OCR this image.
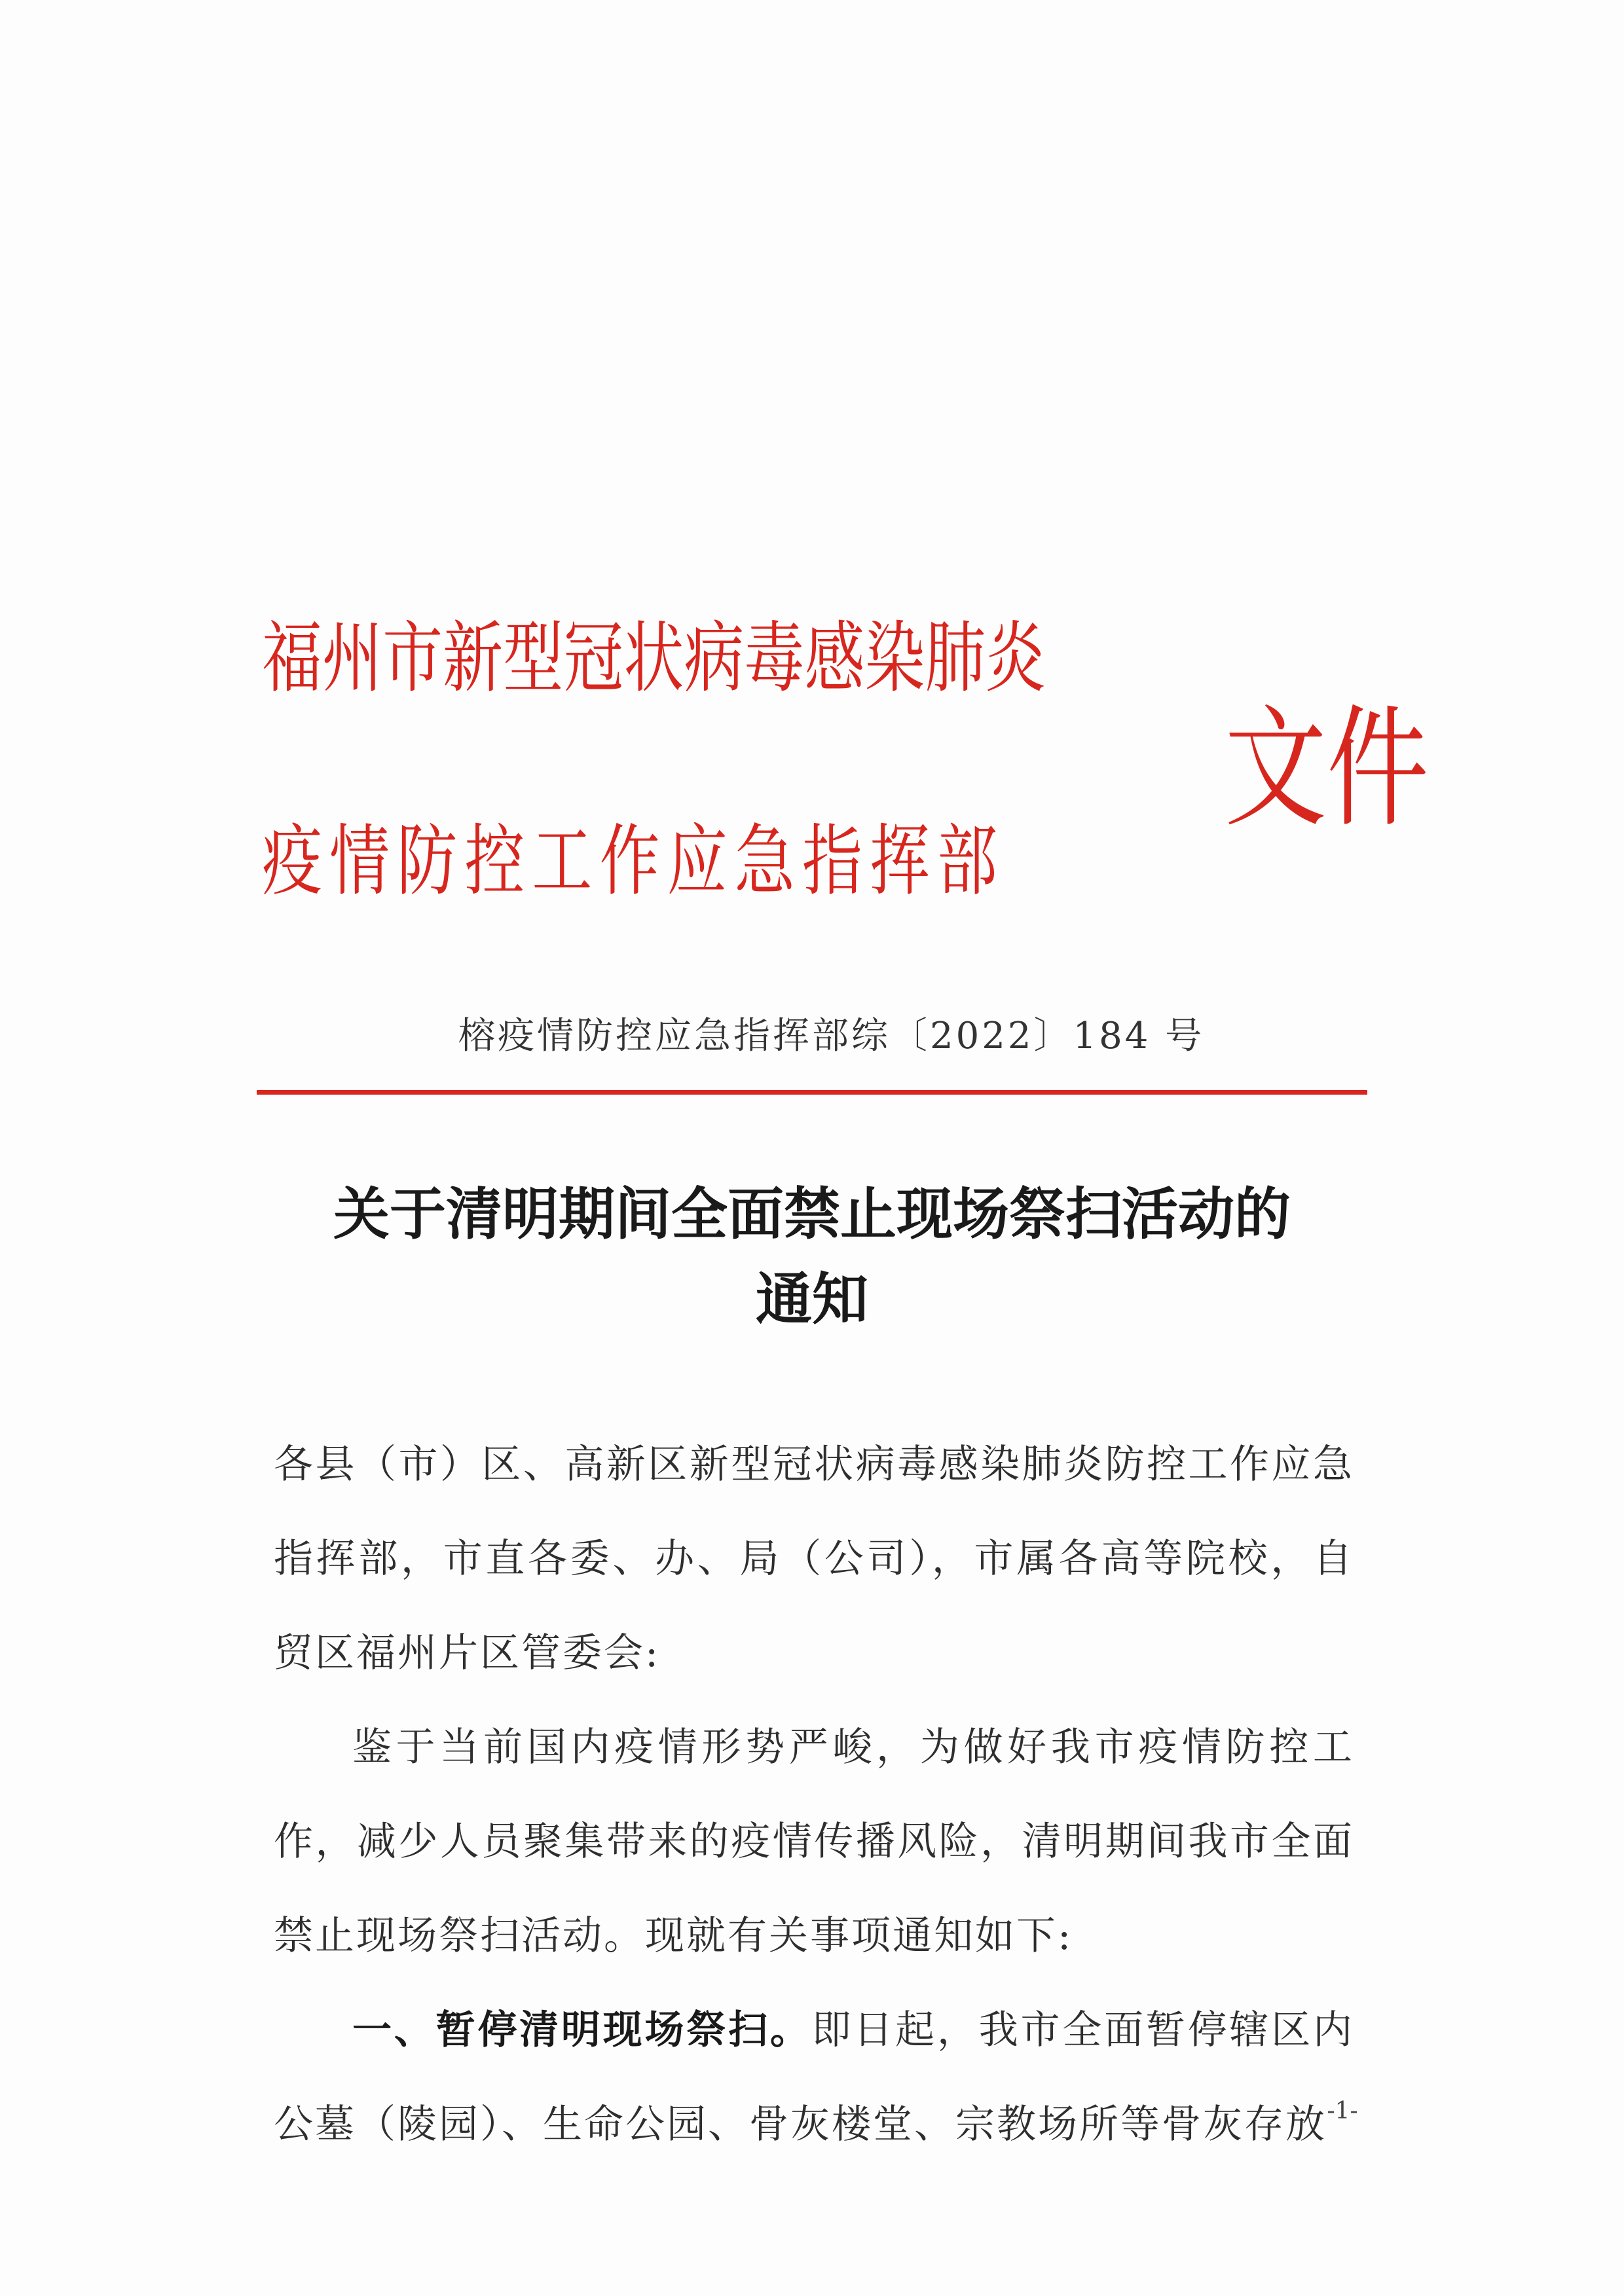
福 州 市 新 型 冠 状 病 毒 感 染 肺 炎
疫 情 防 控 工 作 应 急 指 挥 部
文件
榕疫情防控应急指挥部综〔2022〕184 号
关于清明期间全面禁止现场祭扫活动的
通知

各县（市）区、高新区新型冠状病毒感染肺炎防控工作应急指挥部，市直各委、办、局（公司），市属各高等院校，自贸区福州片区管委会:

鉴于当前国内疫情形势严峻，为做好我市疫情防控工作，减少人员聚集带来的疫情传播风险，清明期间我市全面禁止现场祭扫活动。现就有关事项通知如下:

一、暂停清明现场祭扫。即日起，我市全面暂停辖区内公墓（陵园）、生命公园、骨灰楼堂、宗教场所等骨灰存放 -1-
